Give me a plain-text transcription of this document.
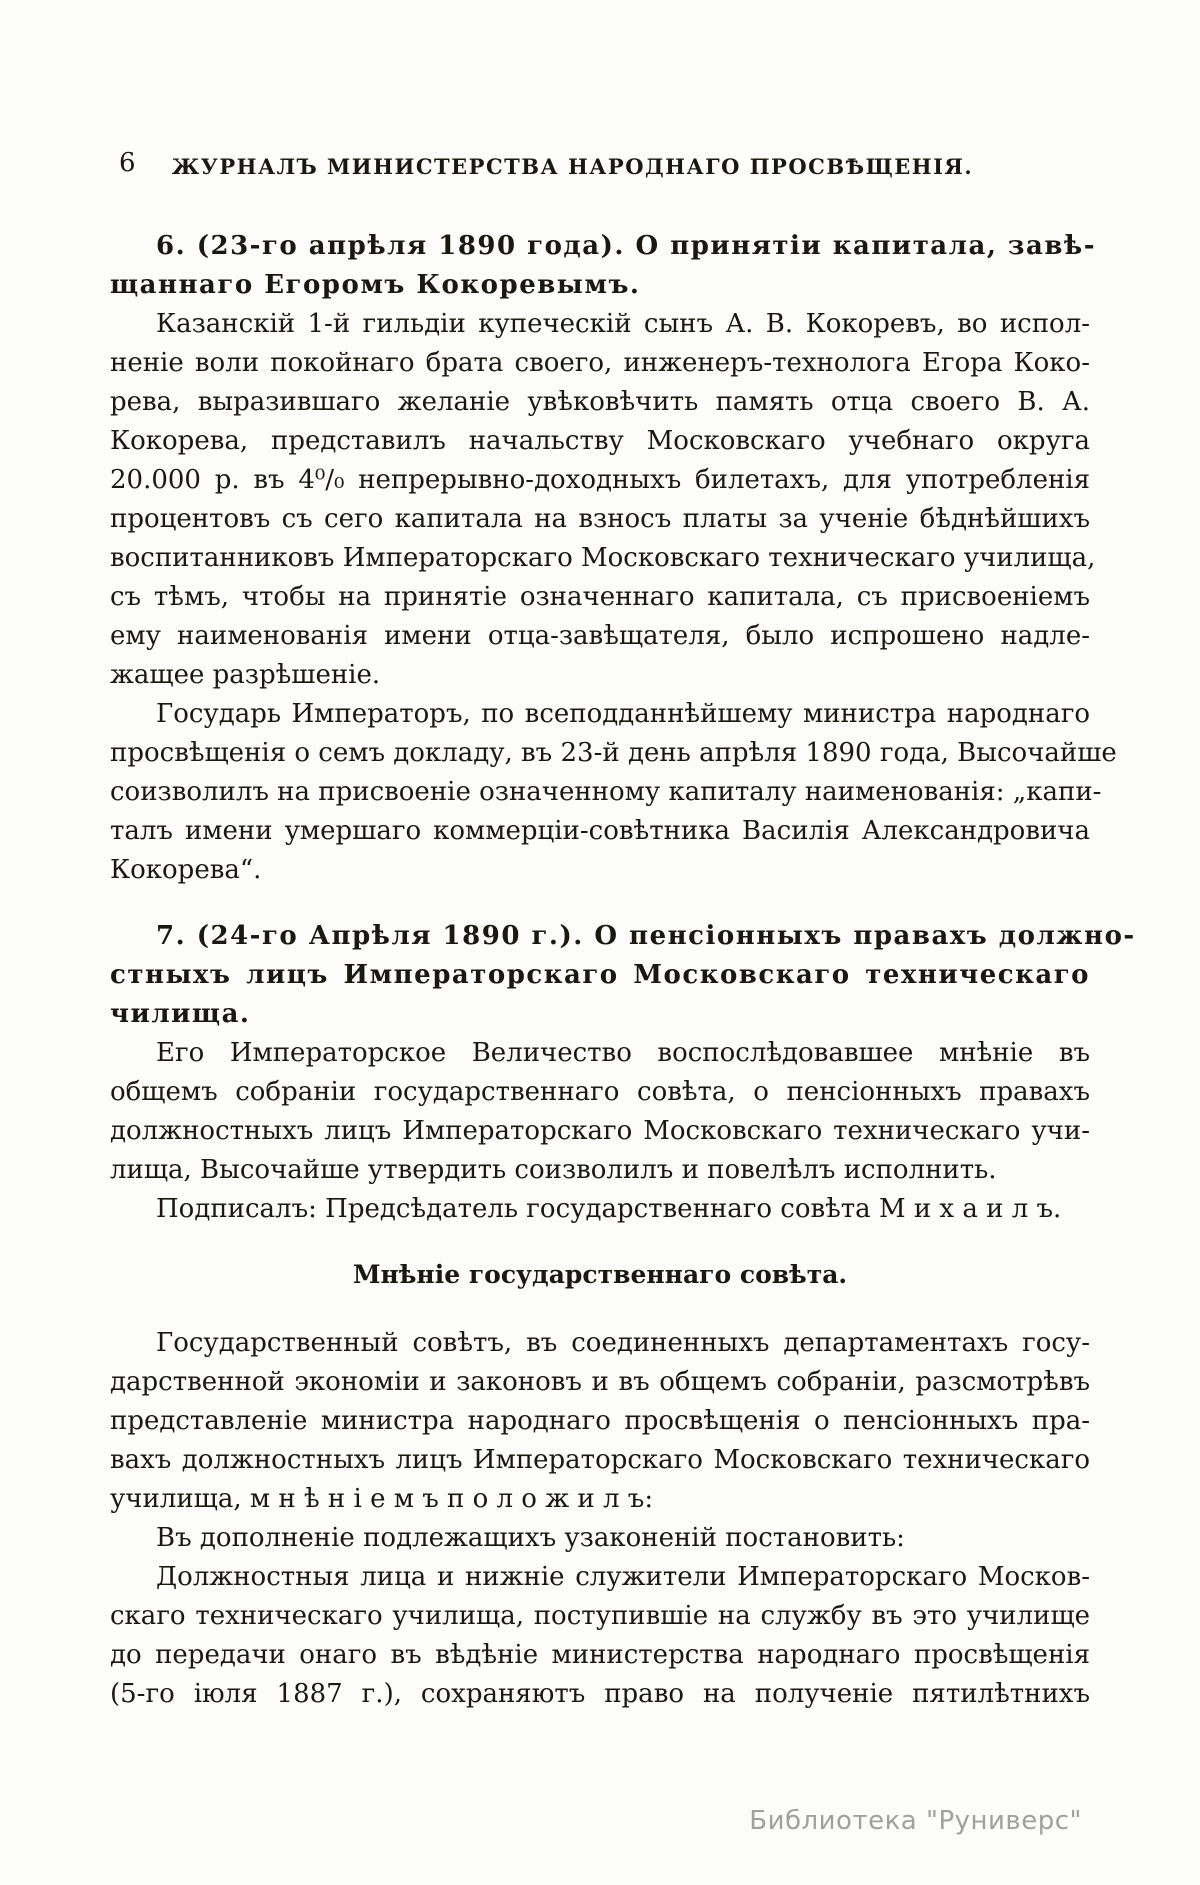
6	ЖУРНАЛЪ МИНИСТЕРСТВА НАРОДНАГО ПРОСВѢЩЕНІЯ.
6. (23-го апрѣля 1890 года). О принятіи капитала, завѣ-
щаннаго Егоромъ Кокоревымъ.
Казанскій 1-й гильдіи купеческій сынъ А. В. Кокоревъ, во испол-
неніе воли покойнаго брата своего, инженеръ-технолога Егора Коко-
рева, выразившаго желаніе увѣковѣчить память отца своего В. А.
Кокорева, представилъ начальству Московскаго учебнаго округа
20.000 р. въ 4⁰/₀ непрерывно-доходныхъ билетахъ, для употребленія
процентовъ съ сего капитала на взносъ платы за ученіе бѣднѣйшихъ
воспитанниковъ Императорскаго Московскаго техническаго училища,
съ тѣмъ, чтобы на принятіе означеннаго капитала, съ присвоеніемъ
ему наименованія имени отца-завѣщателя, было испрошено надле-
жащее разрѣшеніе.
Государь Императоръ, по всеподданнѣйшему министра народнаго
просвѣщенія о семъ докладу, въ 23-й день апрѣля 1890 года, Высочайше
соизволилъ на присвоеніе означенному капиталу наименованія: „капи-
талъ имени умершаго коммерціи-совѣтника Василія Александровича
Кокорева“.
7. (24-го Апрѣля 1890 г.). О пенсіонныхъ правахъ должно-
стныхъ лицъ Императорскаго Московскаго техническаго
чилища.
Его Императорское Величество воспослѣдовавшее мнѣніе въ
общемъ собраніи государственнаго совѣта, о пенсіонныхъ правахъ
должностныхъ лицъ Императорскаго Московскаго техническаго учи-
лища, Высочайше утвердить соизволилъ и повелѣлъ исполнить.
Подписалъ: Предсѣдатель государственнаго совѣта М и х а и л ъ.
Мнѣніе государственнаго совѣта.
Государственный совѣтъ, въ соединенныхъ департаментахъ госу-
дарственной экономіи и законовъ и въ общемъ собраніи, разсмотрѣвъ
представленіе министра народнаго просвѣщенія о пенсіонныхъ пра-
вахъ должностныхъ лицъ Императорскаго Московскаго техническаго
училища, м н ѣ н і е м ъ п о л о ж и л ъ:
Въ дополненіе подлежащихъ узаконеній постановить:
Должностныя лица и нижніе служители Императорскаго Москов-
скаго техническаго училища, поступившіе на службу въ это училище
до передачи онаго въ вѣдѣніе министерства народнаго просвѣщенія
(5-го іюля 1887 г.), сохраняютъ право на полученіе пятилѣтнихъ
Библиотека "Руниверс"
